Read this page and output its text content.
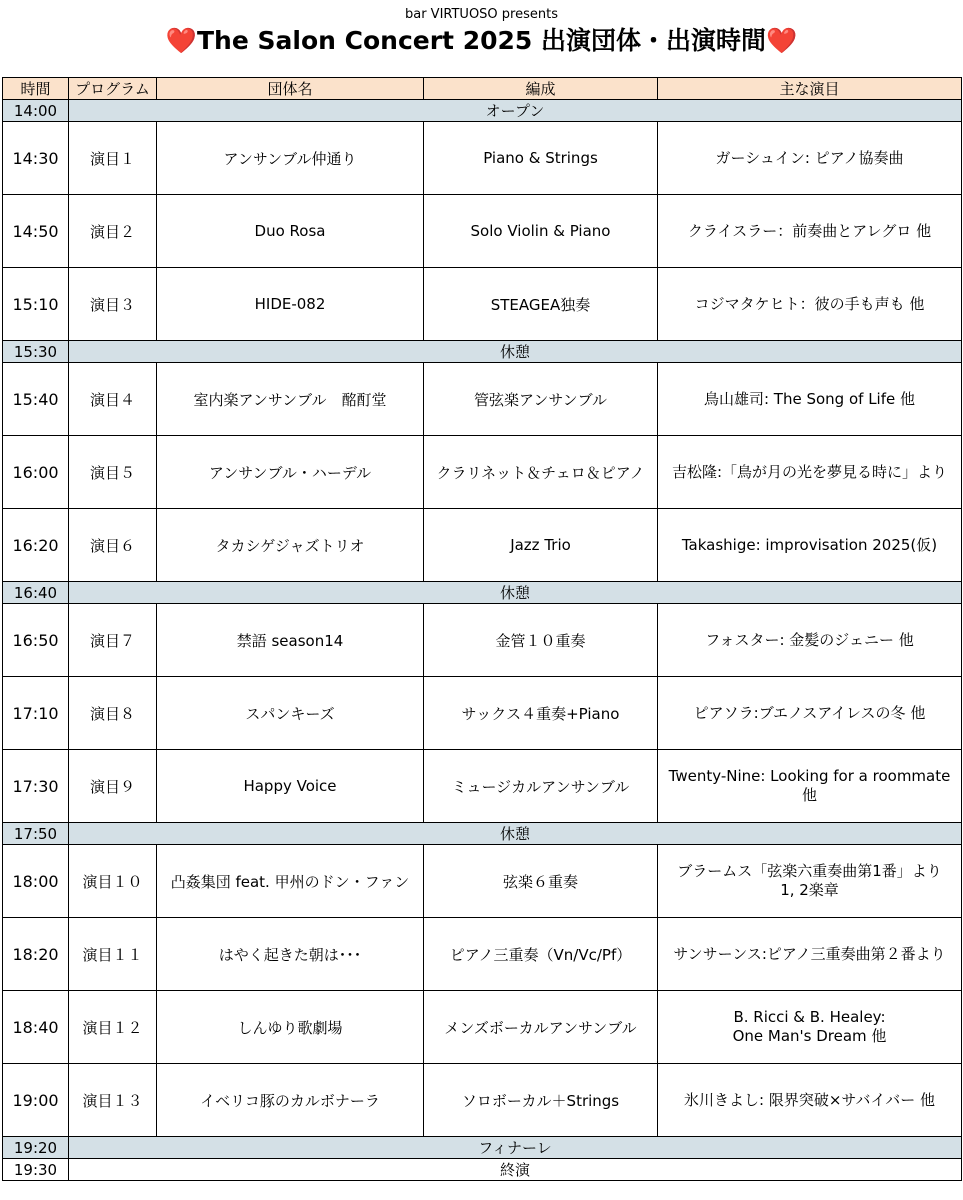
bar VIRTUOSO presents
❤️The Salon Concert 2025 出演団体・出演時間❤️
時間	プログラム	団体名	編成	主な演目
14:00	オープン			
14:30	演目１	アンサンブル仲通り	Piano & Strings	ガーシュイン: ピアノ協奏曲

14:50	演目２	Duo Rosa	Solo Violin & Piano	クライスラー：前奏曲とアレグロ 他

15:10	演目３	HIDE-082	STEAGEA独奏	コジマタケヒト：彼の手も声も 他

15:30	休憩			
15:40	演目４	室内楽アンサンブル　酩酊堂	管弦楽アンサンブル	鳥山雄司: The Song of Life 他

16:00	演目５	アンサンブル・ハーデル	クラリネット＆チェロ＆ピアノ	吉松隆:「鳥が月の光を夢見る時に」より

16:20	演目６	タカシゲジャズトリオ	Jazz Trio	Takashige: improvisation 2025(仮)

16:40	休憩			
16:50	演目７	禁語 season14	金管１０重奏	フォスター: 金髪のジェニー 他

17:10	演目８	スパンキーズ	サックス４重奏+Piano	ピアソラ:ブエノスアイレスの冬 他

17:30	演目９	Happy Voice	ミュージカルアンサンブル	Twenty-Nine: Looking for a roommate
他

17:50	休憩			
18:00	演目１０	凸姦集団 feat. 甲州のドン・ファン	弦楽６重奏	ブラームス「弦楽六重奏曲第1番」より
1, 2楽章

18:20	演目１１	はやく起きた朝は･･･	ピアノ三重奏（Vn/Vc/Pf）	サンサーンス:ピアノ三重奏曲第２番より

18:40	演目１２	しんゆり歌劇場	メンズボーカルアンサンブル	B. Ricci & B. Healey:
One Man's Dream 他

19:00	演目１３	イベリコ豚のカルボナーラ	ソロボーカル＋Strings	氷川きよし: 限界突破×サバイバー 他

19:20	フィナーレ			
19:30	終演			
